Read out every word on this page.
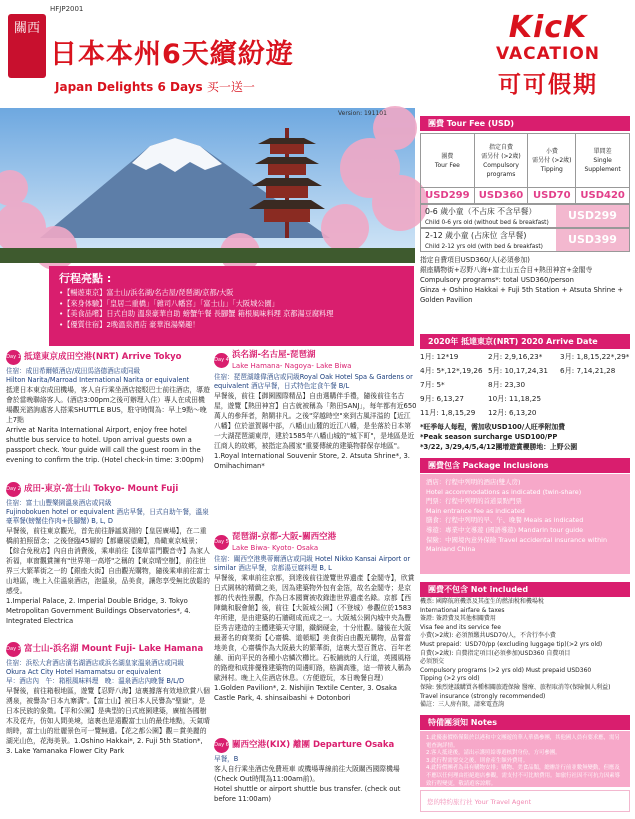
HFJP2001
關西
日本本州6天繽紛遊
Japan Delights 6 Days 买一送一
KicK
VACATION
可可假期
Version: 191101
行程亮點 :

•【暢遊東京】富士山/浜名湖/名古屋/琵琶湖/京都/大阪

•【來身体驗】「皇居二重橋」「雜司八幡宮」「富士山」「大阪城公園」

•【美食品嚐】日式自助 溫泉豪華自助 螃蟹午餐 長腳蟹 箱根風味料理 京都湯豆腐料理

•【優質住宿】2晚溫泉酒店 豪華泡湯樂趣！

Day 1 抵達東京成田空港(NRT) Arrive Tokyo
住宿：成田希爾頓酒店/成田馬洛德酒店或同級
Hilton Narita/Marroad International Narita or equivalent
抵達日本東京成田機場，客人自行乘坐酒店接駁巴士前往酒店，導遊會於當晚聯絡客人。(酒店3:00pm之後可辦理入住）專人在成田機場觀光諮詢處客人搭乘SHUTTLE BUS，駐守時間為：早上9點～晚上7點
Arrive at Narita International Airport, enjoy free hotel shuttle bus service to hotel. Upon arrival guests own a passport check. Your guide will call the guest room in the evening to confirm the trip. (Hotel check-in time: 3:00pm)
Day 2 成田-東京-富士山 Tokyo- Mount Fuji
住宿：富士山豐樂園溫泉酒店或同級
Fujinobokuen hotel or equivalent 酒店早餐，日式自助午餐，溫泉豪華餐(螃蟹佳作肉+長腳蟹) B, L, D
早餐後，前往東京觀光，首先前往靜謐莫測的【皇居廣場】，在二重橋前拍照留念；之後登臨45層的【都廳展望廳】，鳥瞰東京城景；【綜合免稅店】內自由消費後，乘車前往【淺草雷門觀音寺】為家人祈福，車窗觀賞擁有"世界第一高塔"之稱的【東京晴空樹】，前往世界三大繁華街之一的【銀座大街】自由觀光購物，隨後乘車前往富士山地區，晚上入住溫泉酒店，泡溫泉，品美食，讓您享受無比放鬆的感受。
1.Imperial Palace, 2. Imperial Double Bridge, 3. Tokyo Metropolitan Government Buildings Observatories*, 4. Integrated Electrica
Day 3 富士山-浜名湖 Mount Fuji- Lake Hamana
住宿：浜松大倉酒店濱名湖酒店或浜名湖皇家溫泉酒店或同級
Okura Act City Hotel Hamamatsu or equivalent
早：酒店內　午：箱根風味料理　晚：溫泉酒店內晚餐 B/L/D
早餐後，前往箱根地區，遊覽【忍野八海】這裏據落有效地欣賞八個湧泉，被譽為"日本九寨溝"。【富士山】被日本人民譽為"聖嶽"，是日本民族的象徵。【平和公園】是典型的日式庭園建築，廣植各國樹木及花卉，仿如人間美境，這裏也是遠觀富士山的最佳地點，天氣晴朗時，富士山的壯麗景色可一覽無遺。【花之都公園】觀＝賞美麗的湖光山色，花海美景。1.Oshino Hakkai*, 2. Fuji 5th Station*, 3. Lake Yamanaka Flower City Park
Day 4 浜名湖-名古屋-琵琶湖
Lake Hamana- Nagoya- Lake Biwa
住宿：琵琶湖雄偉酒店或同級Royal Oak Hotel Spa & Gardens or equivalent 酒店早餐，日式特色定食午餐 B/L
早餐後，前往【御園國際精品】自由選購伴手禮，隨後前往名古屋，遊覽【熱田神宮】自古就被稱為「熱田SANJ」，每年都有近650萬人的參拜者，熱鬧非凡。之後"穿越時空"來到古風洋溢的【近江八幡】位於滋賀縣中部，八幡山山麓的近江八幡，是坐落於日本第一大湖琵琶湖東岸，建於1585年八幡山城的"城下町"，是地區是近江商人的故鄉，被指定為國家"重要傳統的建築物群保存地區"。1.Royal International Souvenir Store, 2. Atsuta Shrine*, 3. Omihachiman*
Day 5 琵琶湖-京都-大阪-關西空港
Lake Biwa- Kyoto- Osaka
住宿：關西空港奧蒂爾酒店或同級 Hotel Nikko Kansai Airport or similar 酒店早餐，京都湯豆腐料理 B, L
早餐後，乘車前往京都，到達後前往遊覽世界遺產【金閣寺】，欣賞日式園林的精緻之美，因為建築物外包有金箔，故名金閣寺；是京都的代表性景觀，作為日本國寶被收錄進世界遺產名錄。京都【西陣織和服會館】後，前往【大阪城公園】（不登城）參觀位於1583年所建，是由建築的石牆砌成而成之一。大阪城公園內城中央為豐臣秀吉建造的主體建築天守閣，鐵網硬金，十分壯觀。隨後在大阪最著名的商業街【心齋橋、道頓堀】美食街自由觀光購物，品嘗當地美食，心齋橋作為大阪最大的繁華街，這裏大型百貨店、百年老舖、面向平民的各種小店鱗次櫛比。石板鋪就的人行道，英國風格的路燈和成排優雅建築物的周邊町路，格調高雅，這一帶被人稱為歐洲村。晚上入住酒店休息。（方便遊玩，本日晚餐自理）
1.Golden Pavilion*, 2. Nishijin Textile Center, 3. Osaka Castle Park, 4. shinsaibashi + Dotonbori
Day 6 關西空港(KIX) 離團 Departure Osaka
早餐，B
客人自行乘坐酒店免費班車 或機場專線前往大阪關西國際機場(Check Out時間為11:00am前)。
Hotel shuttle or airport shuttle bus transfer. (check out before 11:00am)
團費 Tour Fee (USD)
團費
Tour Fee	指定自費
需另付 (>2歲)
Compulsory
programs	小費
需另付 (>2歲)
Tipping	單間差
Single
Supplement
USD299	USD360	USD70	USD420
0-6 歲小童（不占床 不含早餐）
Child 0-6 yrs old (without bed & breakfast)
USD299
2-12 歲小童 (占床位 含早餐)
Child 2-12 yrs old (with bed & breakfast)
USD399
指定自費項目USD360/人(必須參加)
銀座購物街+忍野八海+富士山五合目+熱田神宮+金閣寺
Compulsory programs*: total USD360/person
Ginza + Oshino Hakkai + Fuji 5th Station + Atsuta Shrine + Golden Pavilion
2020年 抵達東京(NRT) 2020 Arrive Date
1月: 12*19	2月: 2,9,16,23*	3月: 1,8,15,22*,29*
4月: 5*,12*,19,26 5月: 10,17,24,31	6月: 7,14,21,28
7月: 5*	8月: 23,30
9月: 6,13,27	10月: 11,18,25
11月: 1,8,15,29	12月: 6,13,20
*旺季每人每程，需加收USD100/人旺季附加費
*Peak season surcharge USD100/PP
*3/22, 3/29,4/5,4/12團增遊賞櫻勝地：上野公園
團費包含 Package Inclusions
酒店：行程中列明的酒店(雙人房)
Hotel accommodations as indicated (twin-share)
門票：行程中列明的首道景點門票
Main entrance fee as indicated
膳食：行程中列明的早、午、晚餐 Meals as indicated
導遊：專業中文導遊 (國語導遊) Mandarin tour guide
保險：中國境內意外保險 Travel accidental insurance within Mainland China
團費不包含 Not included
機票: 國際航班機票及其產生的燃油稅和機場稅
International airfare & taxes
簽證: 簽證費及其他相關費用
Visa fee and its service fee
小費(>2歲): 必須預繳共USD70/人，不含行李小費
Must prepaid：USD70/pp (excluding luggage tip)(>2 yrs old)
自費(>2歲): 自費指定項目(必須參加)USD360 自費項目
必須預交
Compulsory programs (>2 yrs old) Must prepaid USD360
Tipping (>2 yrs old)
保險: 強烈建議購買各種相關旅遊保險 醫療、旅程取消等(保險個人利益)
Travel insurance (strongly recommended)
備註：三人房有限，請來電查詢
特備團須知 Notes
1.此優惠價格僅限於以港和中文團遊的華人華僑參團，其他國人員有要求應，需另電查詢詳情。
2.客人抵達後，請出示護照給導遊核對身份，方可參團。
3.此行程需要交之後，則會產生額外費用。
4.此特價團者為具有購物安排；購物、美食品類，總辦計行前並數無變動，但應及不應以任何理由拒絕進店參觀，需支付不可比赔費用。如旅行社因不可抗力因素導致行程變更，敬請遊客諒解。
5.此為優惠價格旅遊中出現任何不快，請配合。
您的特約旅行社 Your Travel Agent
